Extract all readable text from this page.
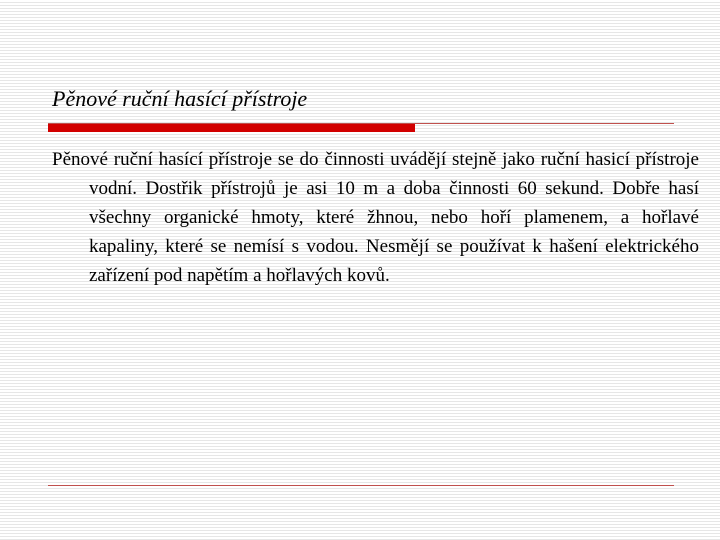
Pěnové ruční hasící přístroje

Pěnové ruční hasící přístroje se do činnosti uvádějí stejně jako ruční hasicí přístroje vodní. Dostřik přístrojů je asi 10 m a doba činnosti 60 sekund. Dobře hasí všechny organické hmoty, které žhnou, nebo hoří plamenem, a hořlavé kapaliny, které se nemísí s vodou. Nesmějí se používat k hašení elektrického zařízení pod napětím a hořlavých kovů.
